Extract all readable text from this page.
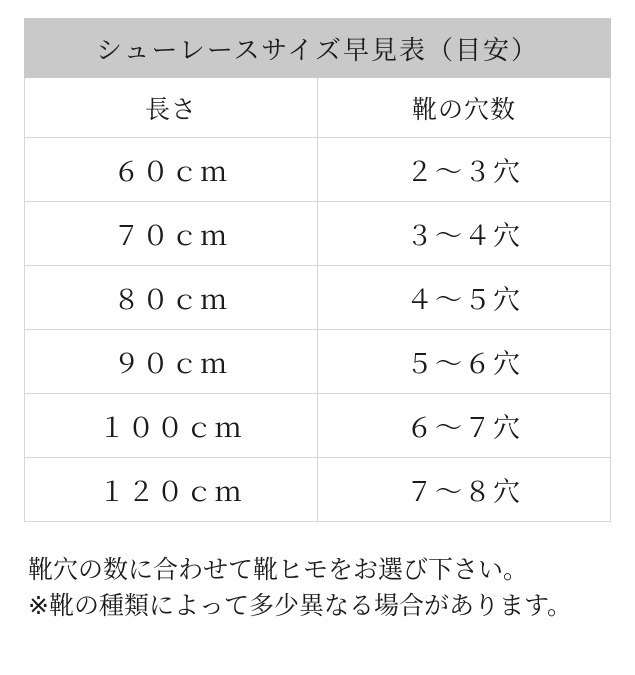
シューレースサイズ早見表（目安）	
長さ	靴の穴数
６０ｃｍ	２〜３穴
７０ｃｍ	３〜４穴
８０ｃｍ	４〜５穴
９０ｃｍ	５〜６穴
１００ｃｍ	６〜７穴
１２０ｃｍ	７〜８穴
靴穴の数に合わせて靴ヒモをお選び下さい。
※靴の種類によって多少異なる場合があります。
